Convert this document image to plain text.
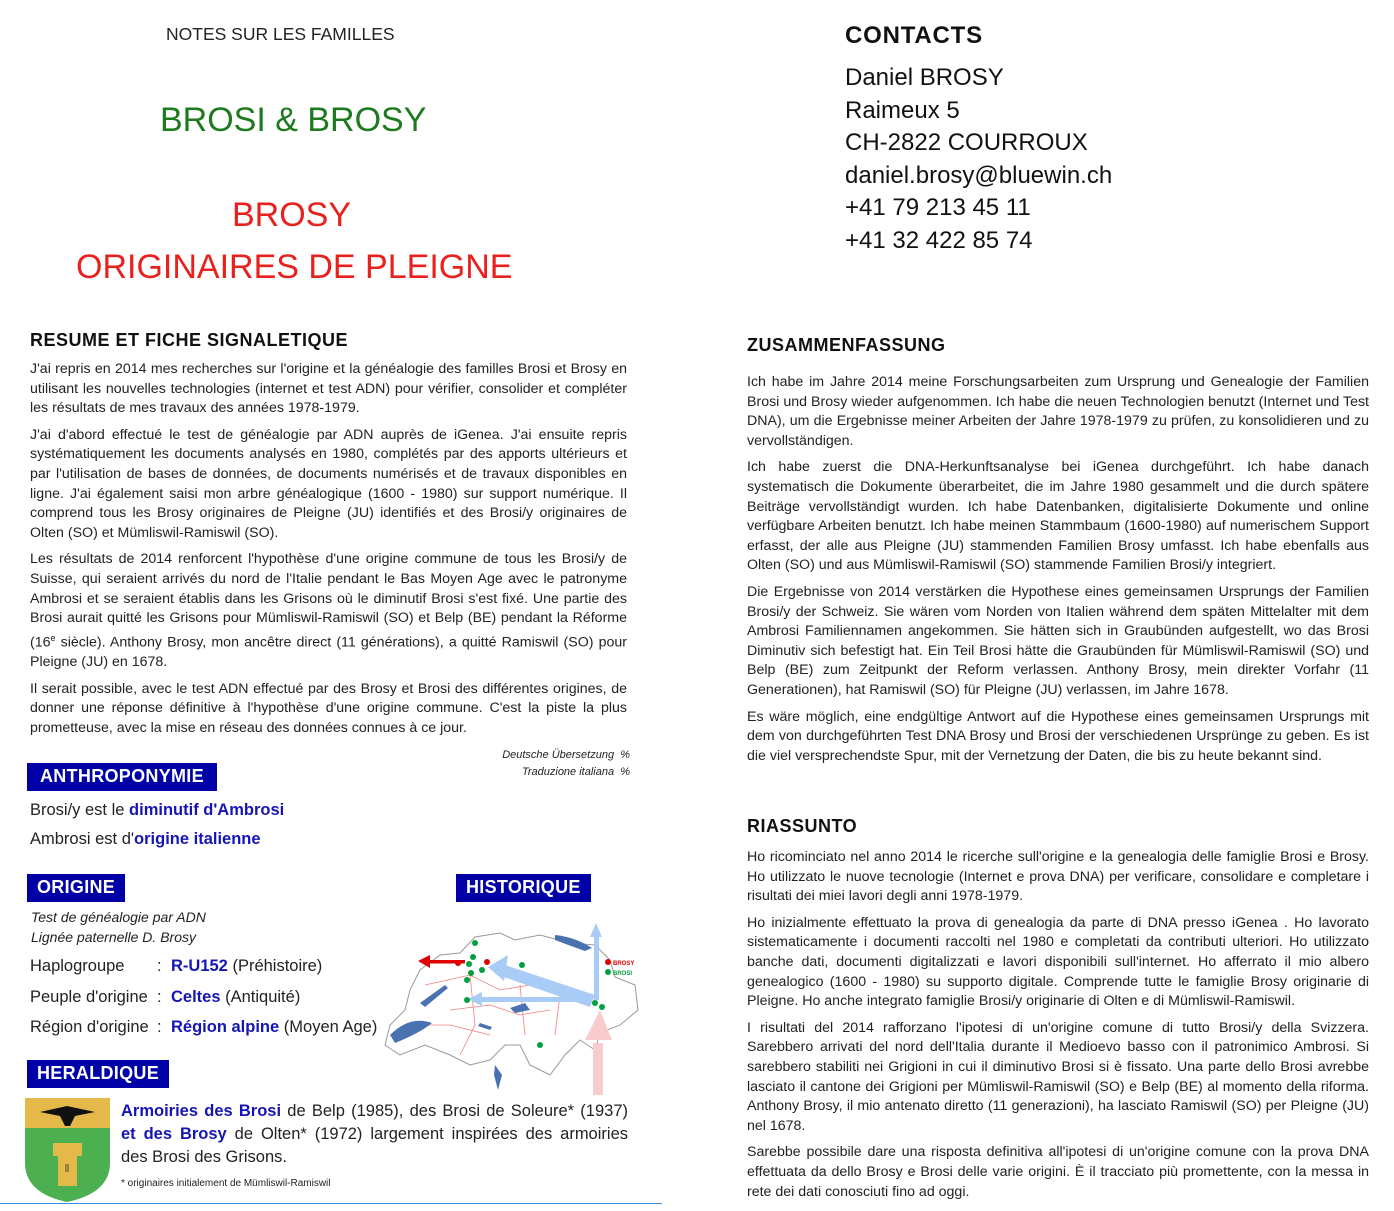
NOTES SUR LES FAMILLES
BROSI & BROSY
BROSY
ORIGINAIRES DE PLEIGNE
CONTACTS
Daniel BROSY
Raimeux 5
CH-2822 COURROUX
daniel.brosy@bluewin.ch
+41 79 213 45 11
+41 32 422 85 74
RESUME ET FICHE SIGNALETIQUE

J'ai repris en 2014 mes recherches sur l'origine et la généalogie des familles Brosi et Brosy en utilisant les nouvelles technologies (internet et test ADN) pour vérifier, consolider et compléter les résultats de mes travaux des années 1978-1979.

J'ai d'abord effectué le test de généalogie par ADN auprès de iGenea. J'ai ensuite repris systématiquement les documents analysés en 1980, complétés par des apports ultérieurs et par l'utilisation de bases de données, de documents numérisés et de travaux disponibles en ligne. J'ai également saisi mon arbre généalogique (1600 - 1980) sur support numérique. Il comprend tous les Brosy originaires de Pleigne (JU) identifiés et des Brosi/y originaires de Olten (SO) et Mümliswil-Ramiswil (SO).

Les résultats de 2014 renforcent l'hypothèse d'une origine commune de tous les Brosi/y de Suisse, qui seraient arrivés du nord de l'Italie pendant le Bas Moyen Age avec le patronyme Ambrosi et se seraient établis dans les Grisons où le diminutif Brosi s'est fixé. Une partie des Brosi aurait quitté les Grisons pour Mümliswil-Ramiswil (SO) et Belp (BE) pendant la Réforme (16e siècle). Anthony Brosy, mon ancêtre direct (11 générations), a quitté Ramiswil (SO) pour Pleigne (JU) en 1678.

Il serait possible, avec le test ADN effectué par des Brosy et Brosi des différentes origines, de donner une réponse définitive à l'hypothèse d'une origine commune. C'est la piste la plus prometteuse, avec la mise en réseau des données connues à ce jour.

Deutsche Übersetzung %
Traduzione italiana %
ANTHROPONYMIE
Brosi/y est le diminutif d'Ambrosi
Ambrosi est d'origine italienne
ORIGINE
Test de généalogie par ADN
Lignée paternelle D. Brosy
Haplogroupe : R-U152 (Préhistoire)
Peuple d'origine : Celtes (Antiquité)
Région d'origine : Région alpine (Moyen Age)
HISTORIQUE
BROSY
BROSI
HERALDIQUE
Armoiries des Brosi de Belp (1985), des Brosi de Soleure* (1937) et des Brosy de Olten* (1972) largement inspirées des armoiries des Brosi des Grisons.
* originaires initialement de Mümliswil-Ramiswil
ZUSAMMENFASSUNG

Ich habe im Jahre 2014 meine Forschungsarbeiten zum Ursprung und Genealogie der Familien Brosi und Brosy wieder aufgenommen. Ich habe die neuen Technologien benutzt (Internet und Test DNA), um die Ergebnisse meiner Arbeiten der Jahre 1978-1979 zu prüfen, zu konsolidieren und zu vervollständigen.

Ich habe zuerst die DNA-Herkunftsanalyse bei iGenea durchgeführt. Ich habe danach systematisch die Dokumente überarbeitet, die im Jahre 1980 gesammelt und die durch spätere Beiträge vervollständigt wurden. Ich habe Datenbanken, digitalisierte Dokumente und online verfügbare Arbeiten benutzt. Ich habe meinen Stammbaum (1600-1980) auf numerischem Support erfasst, der alle aus Pleigne (JU) stammenden Familien Brosy umfasst. Ich habe ebenfalls aus Olten (SO) und aus Mümliswil-Ramiswil (SO) stammende Familien Brosi/y integriert.

Die Ergebnisse von 2014 verstärken die Hypothese eines gemeinsamen Ursprungs der Familien Brosi/y der Schweiz. Sie wären vom Norden von Italien während dem späten Mittelalter mit dem Ambrosi Familiennamen angekommen. Sie hätten sich in Graubünden aufgestellt, wo das Brosi Diminutiv sich befestigt hat. Ein Teil Brosi hätte die Graubünden für Mümliswil-Ramiswil (SO) und Belp (BE) zum Zeitpunkt der Reform verlassen. Anthony Brosy, mein direkter Vorfahr (11 Generationen), hat Ramiswil (SO) für Pleigne (JU) verlassen, im Jahre 1678.

Es wäre möglich, eine endgültige Antwort auf die Hypothese eines gemeinsamen Ursprungs mit dem von durchgeführten Test DNA Brosy und Brosi der verschiedenen Ursprünge zu geben. Es ist die viel versprechendste Spur, mit der Vernetzung der Daten, die bis zu heute bekannt sind.

RIASSUNTO

Ho ricominciato nel anno 2014 le ricerche sull'origine e la genealogia delle famiglie Brosi e Brosy. Ho utilizzato le nuove tecnologie (Internet e prova DNA) per verificare, consolidare e completare i risultati dei miei lavori degli anni 1978-1979.

Ho inizialmente effettuato la prova di genealogia da parte di DNA presso iGenea . Ho lavorato sistematicamente i documenti raccolti nel 1980 e completati da contributi ulteriori. Ho utilizzato banche dati, documenti digitalizzati e lavori disponibili sull'internet. Ho afferrato il mio albero genealogico (1600 - 1980) su supporto digitale. Comprende tutte le famiglie Brosy originarie di Pleigne. Ho anche integrato famiglie Brosi/y originarie di Olten e di Mümliswil-Ramiswil.

I risultati del 2014 rafforzano l'ipotesi di un'origine comune di tutto Brosi/y della Svizzera. Sarebbero arrivati del nord dell'Italia durante il Medioevo basso con il patronimico Ambrosi. Si sarebbero stabiliti nei Grigioni in cui il diminutivo Brosi si è fissato. Una parte dello Brosi avrebbe lasciato il cantone dei Grigioni per Mümliswil-Ramiswil (SO) e Belp (BE) al momento della riforma. Anthony Brosy, il mio antenato diretto (11 generazioni), ha lasciato Ramiswil (SO) per Pleigne (JU) nel 1678.

Sarebbe possibile dare una risposta definitiva all'ipotesi di un'origine comune con la prova DNA effettuata da dello Brosy e Brosi delle varie origini. È il tracciato più promettente, con la messa in rete dei dati conosciuti fino ad oggi.
